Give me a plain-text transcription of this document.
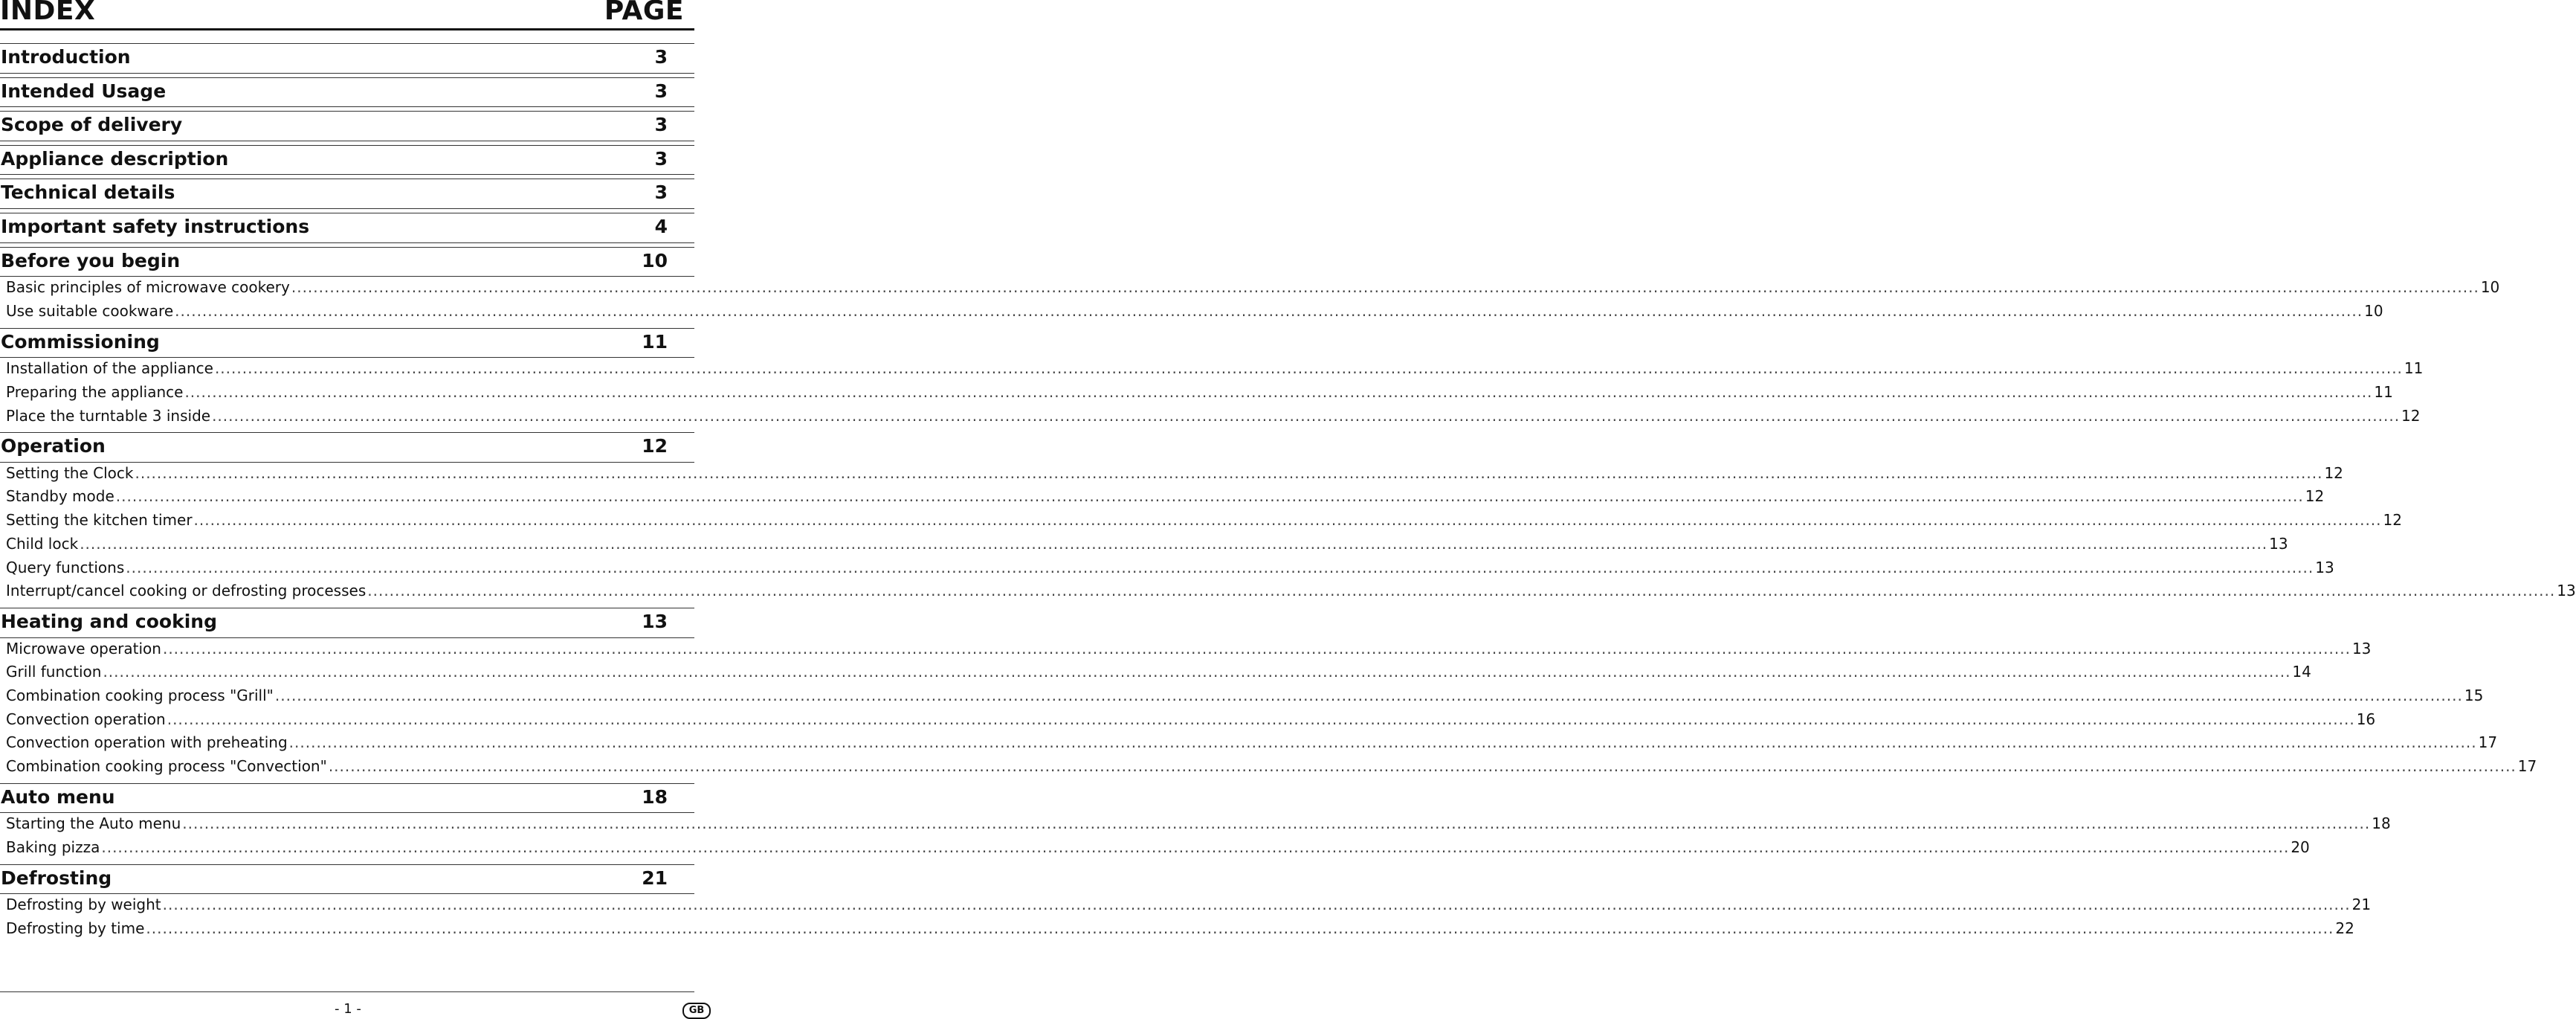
INDEX	PAGE
Introduction	3
Intended Usage	3
Scope of delivery	3
Appliance description	3
Technical details	3
Important safety instructions	4
Before you begin	10
Basic principles of microwave cookery ................................................................................................................................................................................................................................................................................................................................................................................................................ 10
Use suitable cookware ................................................................................................................................................................................................................................................................................................................................................................................................................ 10
Commissioning	11
Installation of the appliance ................................................................................................................................................................................................................................................................................................................................................................................................................ 11
Preparing the appliance ................................................................................................................................................................................................................................................................................................................................................................................................................ 11
Place the turntable 3 inside ................................................................................................................................................................................................................................................................................................................................................................................................................ 12
Operation	12
Setting the Clock ................................................................................................................................................................................................................................................................................................................................................................................................................ 12
Standby mode ................................................................................................................................................................................................................................................................................................................................................................................................................ 12
Setting the kitchen timer ................................................................................................................................................................................................................................................................................................................................................................................................................ 12
Child lock ................................................................................................................................................................................................................................................................................................................................................................................................................ 13
Query functions ................................................................................................................................................................................................................................................................................................................................................................................................................ 13
Interrupt/cancel cooking or defrosting processes ................................................................................................................................................................................................................................................................................................................................................................................................................ 13
Heating and cooking	13
Microwave operation ................................................................................................................................................................................................................................................................................................................................................................................................................ 13
Grill function ................................................................................................................................................................................................................................................................................................................................................................................................................ 14
Combination cooking process "Grill" ................................................................................................................................................................................................................................................................................................................................................................................................................ 15
Convection operation ................................................................................................................................................................................................................................................................................................................................................................................................................ 16
Convection operation with preheating ................................................................................................................................................................................................................................................................................................................................................................................................................ 17
Combination cooking process "Convection" ................................................................................................................................................................................................................................................................................................................................................................................................................ 17
Auto menu	18
Starting the Auto menu ................................................................................................................................................................................................................................................................................................................................................................................................................ 18
Baking pizza ................................................................................................................................................................................................................................................................................................................................................................................................................ 20
Defrosting	21
Defrosting by weight ................................................................................................................................................................................................................................................................................................................................................................................................................ 21
Defrosting by time ................................................................................................................................................................................................................................................................................................................................................................................................................ 22
- 1 -	GB
